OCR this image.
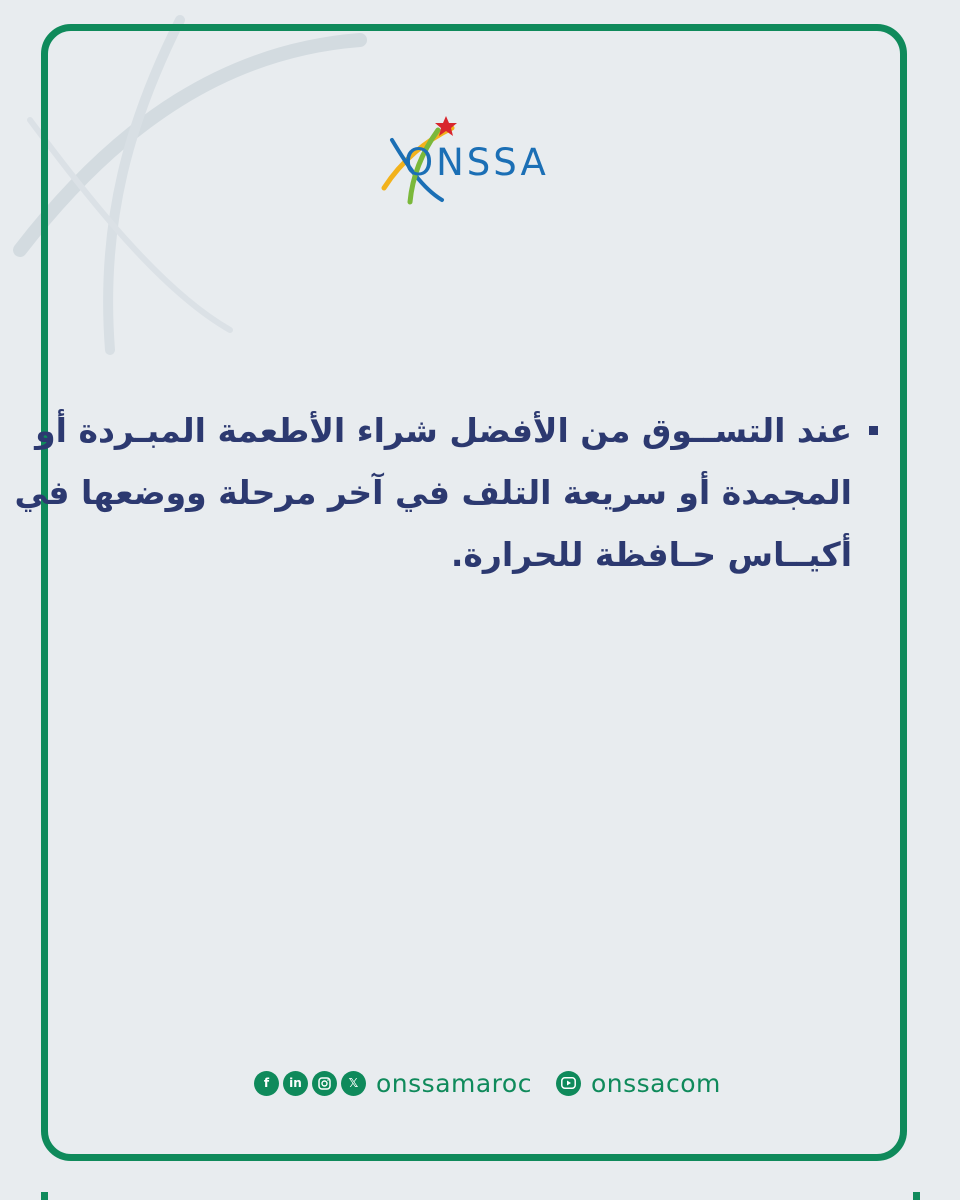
ONSSA
عند التســوق من الأفضل شراء الأطعمة المبـردة أو
المجمدة أو سريعة التلف في آخر مرحلة ووضعها في
أكيــاس حـافظة للحرارة.
f	in	𝕏 onssamaroc onssacom
